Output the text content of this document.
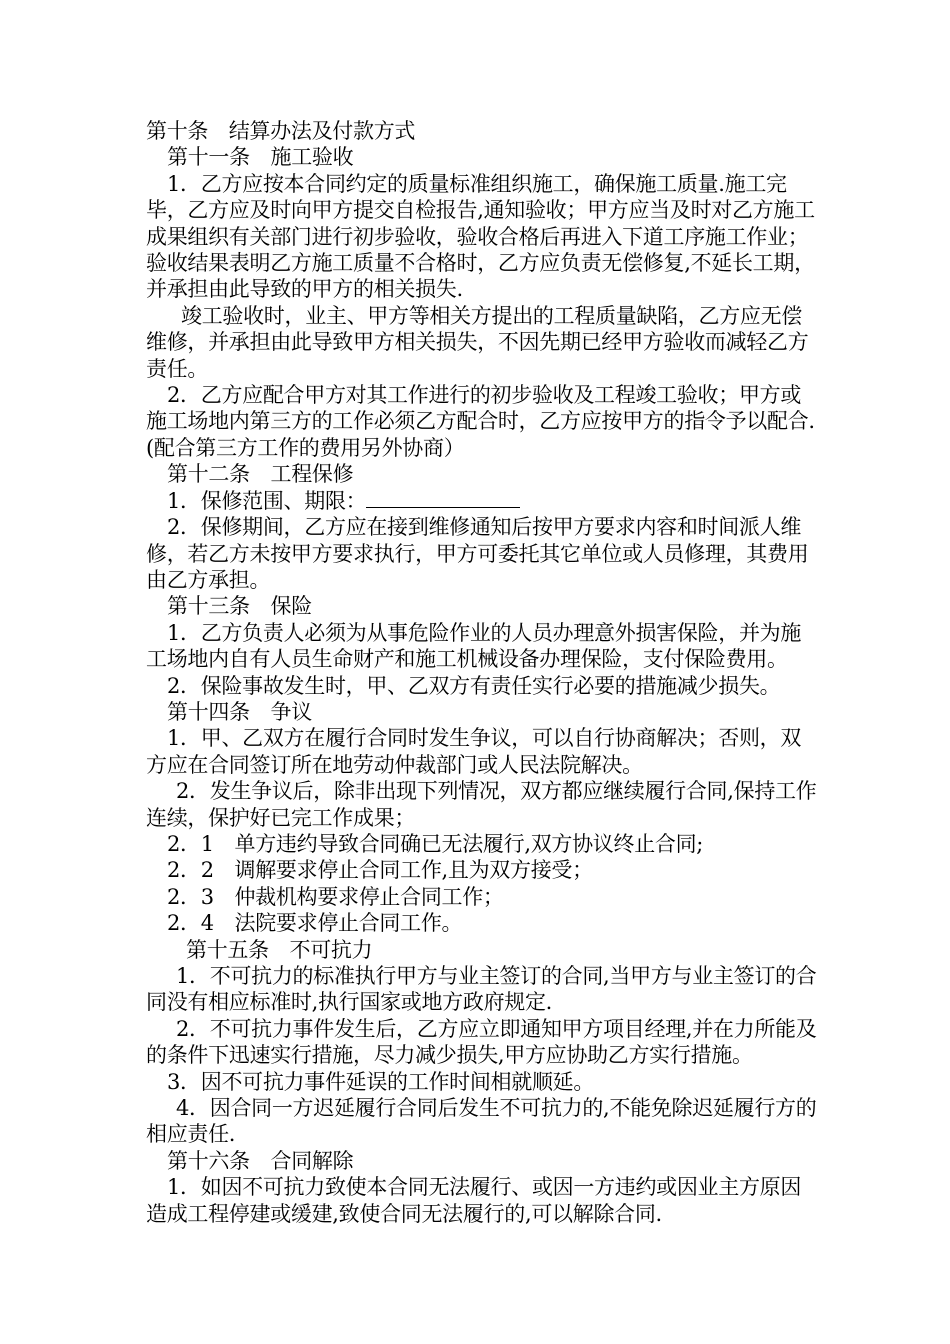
第十条　结算办法及付款方式

第十一条　施工验收

1．乙方应按本合同约定的质量标准组织施工，确保施工质量.施工完毕，乙方应及时向甲方提交自检报告,通知验收；甲方应当及时对乙方施工成果组织有关部门进行初步验收，验收合格后再进入下道工序施工作业；验收结果表明乙方施工质量不合格时，乙方应负责无偿修复,不延长工期，并承担由此导致的甲方的相关损失.

竣工验收时，业主、甲方等相关方提出的工程质量缺陷，乙方应无偿维修，并承担由此导致甲方相关损失，不因先期已经甲方验收而减轻乙方责任。

2．乙方应配合甲方对其工作进行的初步验收及工程竣工验收；甲方或施工场地内第三方的工作必须乙方配合时，乙方应按甲方的指令予以配合.(配合第三方工作的费用另外协商）

第十二条　工程保修

1．保修范围、期限：

2．保修期间，乙方应在接到维修通知后按甲方要求内容和时间派人维修，若乙方未按甲方要求执行，甲方可委托其它单位或人员修理，其费用由乙方承担。

第十三条　保险

1．乙方负责人必须为从事危险作业的人员办理意外损害保险，并为施工场地内自有人员生命财产和施工机械设备办理保险，支付保险费用。

2．保险事故发生时，甲、乙双方有责任实行必要的措施减少损失。

第十四条　争议

1．甲、乙双方在履行合同时发生争议，可以自行协商解决；否则，双方应在合同签订所在地劳动仲裁部门或人民法院解决。

2．发生争议后，除非出现下列情况，双方都应继续履行合同,保持工作连续，保护好已完工作成果；

2．1　单方违约导致合同确已无法履行,双方协议终止合同;

2．2　调解要求停止合同工作,且为双方接受；

2．3　仲裁机构要求停止合同工作；

2．4　法院要求停止合同工作。

第十五条　不可抗力

1．不可抗力的标准执行甲方与业主签订的合同,当甲方与业主签订的合同没有相应标准时,执行国家或地方政府规定.

2．不可抗力事件发生后，乙方应立即通知甲方项目经理,并在力所能及的条件下迅速实行措施，尽力减少损失,甲方应协助乙方实行措施。

3．因不可抗力事件延误的工作时间相就顺延。

4．因合同一方迟延履行合同后发生不可抗力的,不能免除迟延履行方的相应责任.

第十六条　合同解除

1．如因不可抗力致使本合同无法履行、或因一方违约或因业主方原因造成工程停建或缓建,致使合同无法履行的,可以解除合同.
